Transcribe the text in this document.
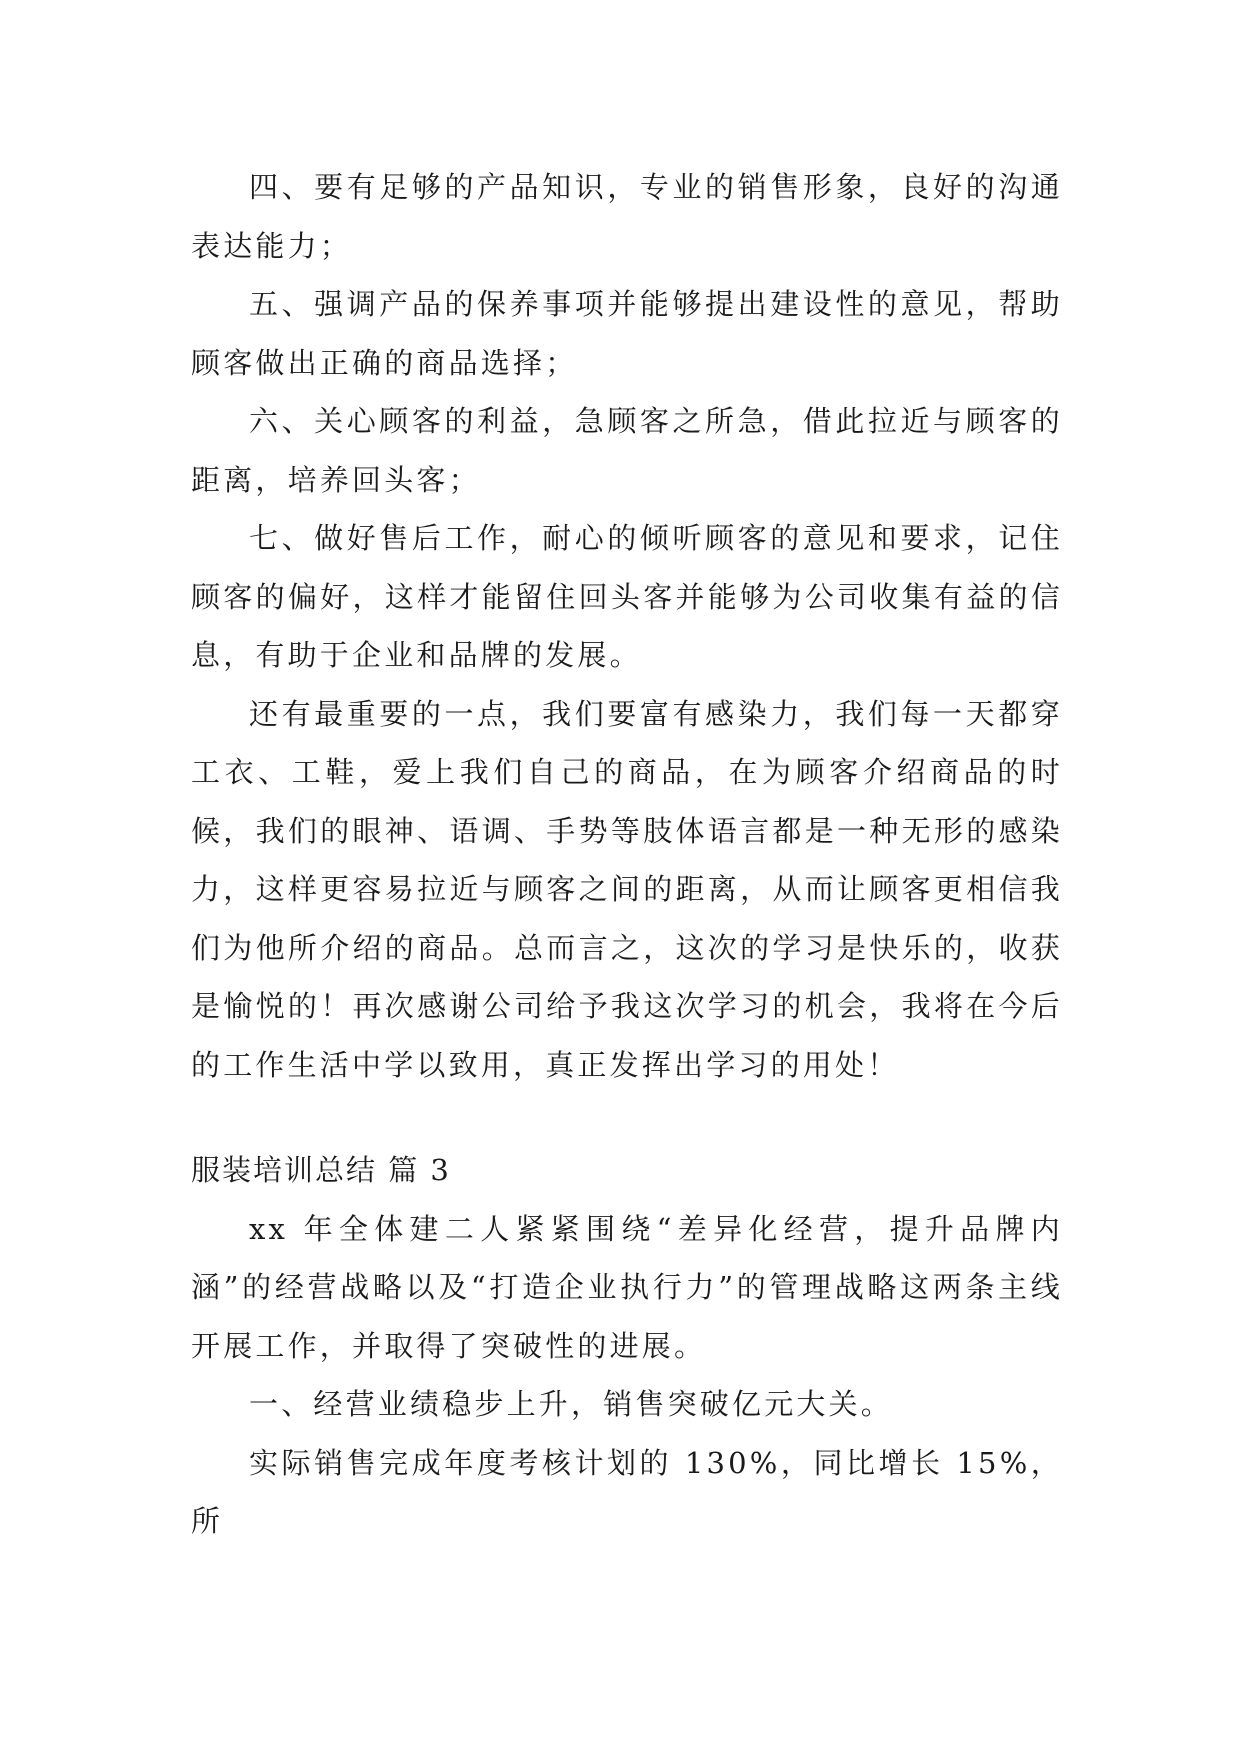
四、要有足够的产品知识，专业的销售形象，良好的沟通表达能力；

五、强调产品的保养事项并能够提出建设性的意见，帮助顾客做出正确的商品选择；

六、关心顾客的利益，急顾客之所急，借此拉近与顾客的距离，培养回头客；

七、做好售后工作，耐心的倾听顾客的意见和要求，记住顾客的偏好，这样才能留住回头客并能够为公司收集有益的信息，有助于企业和品牌的发展。

还有最重要的一点，我们要富有感染力，我们每一天都穿工衣、工鞋，爱上我们自己的商品，在为顾客介绍商品的时候，我们的眼神、语调、手势等肢体语言都是一种无形的感染力，这样更容易拉近与顾客之间的距离，从而让顾客更相信我们为他所介绍的商品。总而言之，这次的学习是快乐的，收获是愉悦的！再次感谢公司给予我这次学习的机会，我将在今后的工作生活中学以致用，真正发挥出学习的用处！

服装培训总结 篇 3

xx 年全体建二人紧紧围绕“差异化经营，提升品牌内涵”的经营战略以及“打造企业执行力”的管理战略这两条主线开展工作，并取得了突破性的进展。

一、经营业绩稳步上升，销售突破亿元大关。

实际销售完成年度考核计划的 130%，同比增长 15%，所
